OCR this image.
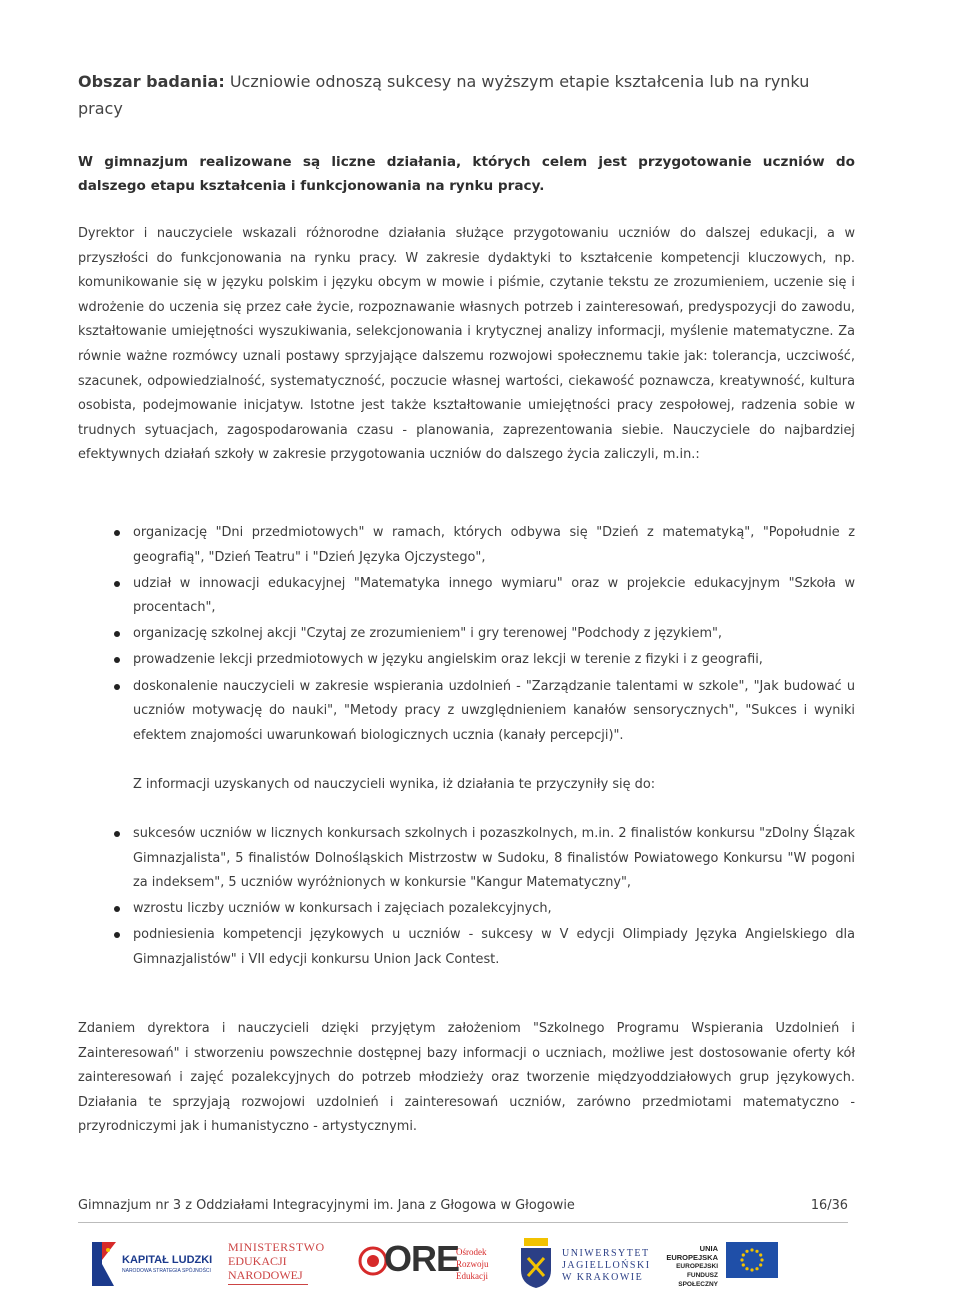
Obszar badania: Uczniowie odnoszą sukcesy na wyższym etapie kształcenia lub na rynku pracy
W gimnazjum realizowane są liczne działania, których celem jest przygotowanie uczniów do dalszego etapu kształcenia i funkcjonowania na rynku pracy.

Dyrektor i nauczyciele wskazali różnorodne działania służące przygotowaniu uczniów do dalszej edukacji, a w przyszłości do funkcjonowania na rynku pracy. W zakresie dydaktyki to kształcenie kompetencji kluczowych, np. komunikowanie się w języku polskim i języku obcym w mowie i piśmie, czytanie tekstu ze zrozumieniem, uczenie się i wdrożenie do uczenia się przez całe życie, rozpoznawanie własnych potrzeb i zainteresowań, predyspozycji do zawodu, kształtowanie umiejętności wyszukiwania, selekcjonowania i krytycznej analizy informacji, myślenie matematyczne. Za równie ważne rozmówcy uznali postawy sprzyjające dalszemu rozwojowi społecznemu takie jak: tolerancja, uczciwość, szacunek, odpowiedzialność, systematyczność, poczucie własnej wartości, ciekawość poznawcza, kreatywność, kultura osobista, podejmowanie inicjatyw. Istotne jest także kształtowanie umiejętności pracy zespołowej, radzenia sobie w trudnych sytuacjach, zagospodarowania czasu - planowania, zaprezentowania siebie. Nauczyciele do najbardziej efektywnych działań szkoły w zakresie przygotowania uczniów do dalszego życia zaliczyli, m.in.:

organizację "Dni przedmiotowych" w ramach, których odbywa się "Dzień z matematyką", "Popołudnie z geografią", "Dzień Teatru" i "Dzień Języka Ojczystego",
udział w innowacji edukacyjnej "Matematyka innego wymiaru" oraz w projekcie edukacyjnym "Szkoła w procentach",
organizację szkolnej akcji "Czytaj ze zrozumieniem" i gry terenowej "Podchody z językiem",
prowadzenie lekcji przedmiotowych w języku angielskim oraz lekcji w terenie z fizyki i z geografii,
doskonalenie nauczycieli w zakresie wspierania uzdolnień - "Zarządzanie talentami w szkole", "Jak budować u uczniów motywację do nauki", "Metody pracy z uwzględnieniem kanałów sensorycznych", "Sukces i wyniki efektem znajomości uwarunkowań biologicznych ucznia (kanały percepcji)".

Z informacji uzyskanych od nauczycieli wynika, iż działania te przyczyniły się do:

sukcesów uczniów w licznych konkursach szkolnych i pozaszkolnych, m.in. 2 finalistów konkursu "zDolny Ślązak Gimnazjalista", 5 finalistów Dolnośląskich Mistrzostw w Sudoku, 8 finalistów Powiatowego Konkursu "W pogoni za indeksem", 5 uczniów wyróżnionych w konkursie "Kangur Matematyczny",
wzrostu liczby uczniów w konkursach i zajęciach pozalekcyjnych,
podniesienia kompetencji językowych u uczniów - sukcesy w V edycji Olimpiady Języka Angielskiego dla Gimnazjalistów" i VII edycji konkursu Union Jack Contest.

Zdaniem dyrektora i nauczycieli dzięki przyjętym założeniom "Szkolnego Programu Wspierania Uzdolnień i Zainteresowań" i stworzeniu powszechnie dostępnej bazy informacji o uczniach, możliwe jest dostosowanie oferty kół zainteresowań i zajęć pozalekcyjnych do potrzeb młodzieży oraz tworzenie międzyoddziałowych grup językowych. Działania te sprzyjają rozwojowi uzdolnień i zainteresowań uczniów, zarówno przedmiotami matematyczno - przyrodniczymi jak i humanistyczno - artystycznymi.

Gimnazjum nr 3 z Oddziałami Integracyjnymi im. Jana z Głogowa w Głogowie	16/36
KAPITAŁ LUDZKI
NARODOWA STRATEGIA SPÓJNOŚCI
MINISTERSTWO
EDUKACJI
NARODOWEJ ORE
Ośrodek
Rozwoju
Edukacji
UNIWERSYTET
JAGIELLOŃSKI
W KRAKOWIE
UNIA EUROPEJSKA
EUROPEJSKI
FUNDUSZ SPOŁECZNY
